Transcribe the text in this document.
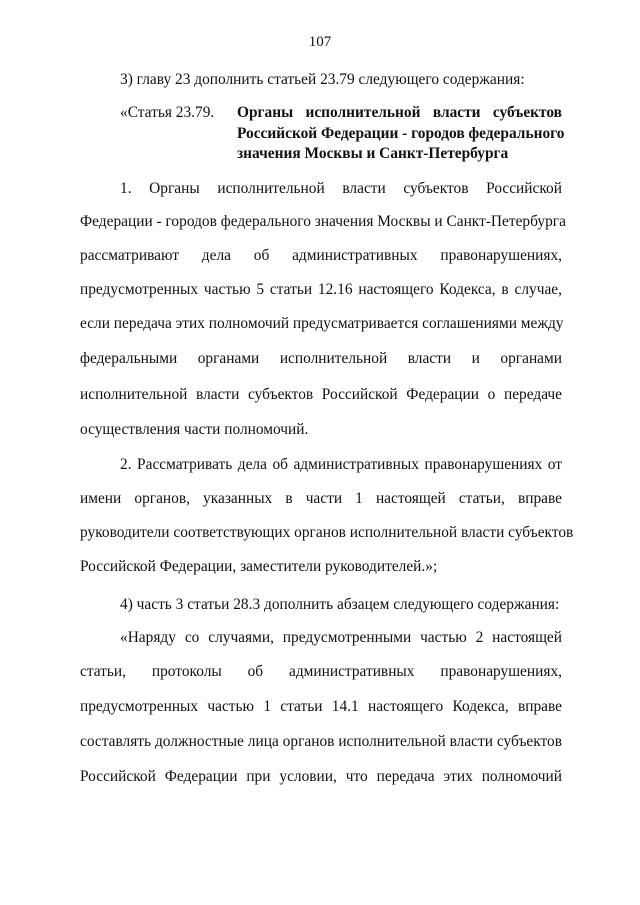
107
3) главу 23 дополнить статьей 23.79 следующего содержания:
«Статья 23.79. Органы исполнительной власти субъектов
Российской Федерации - городов федерального
значения Москвы и Санкт-Петербурга
1. Органы исполнительной власти субъектов Российской
Федерации - городов федерального значения Москвы и Санкт-Петербурга
рассматривают дела об административных правонарушениях,
предусмотренных частью 5 статьи 12.16 настоящего Кодекса, в случае,
если передача этих полномочий предусматривается соглашениями между
федеральными органами исполнительной власти и органами
исполнительной власти субъектов Российской Федерации о передаче
осуществления части полномочий.
2. Рассматривать дела об административных правонарушениях от
имени органов, указанных в части 1 настоящей статьи, вправе
руководители соответствующих органов исполнительной власти субъектов
Российской Федерации, заместители руководителей.»;
4) часть 3 статьи 28.3 дополнить абзацем следующего содержания:
«Наряду со случаями, предусмотренными частью 2 настоящей
статьи, протоколы об административных правонарушениях,
предусмотренных частью 1 статьи 14.1 настоящего Кодекса, вправе
составлять должностные лица органов исполнительной власти субъектов
Российской Федерации при условии, что передача этих полномочий
